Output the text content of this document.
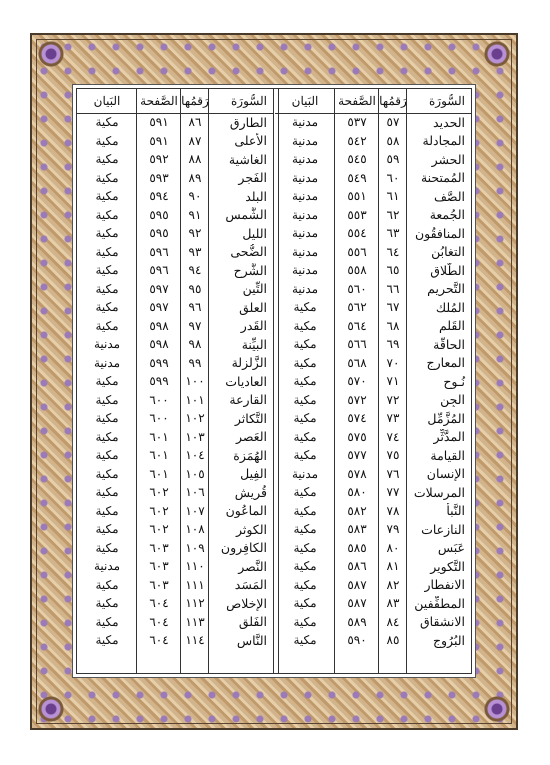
السُّورَة
رَقمُها
الصَّفحة
البَيان
الحديد
٥٧
٥٣٧
مدنية
المجادلة
٥٨
٥٤٢
مدنية
الحشر
٥٩
٥٤٥
مدنية
المُمتحنة
٦٠
٥٤٩
مدنية
الصَّف
٦١
٥٥١
مدنية
الجُمعة
٦٢
٥٥٣
مدنية
المنافقُون
٦٣
٥٥٤
مدنية
التغابُن
٦٤
٥٥٦
مدنية
الطَّلاق
٦٥
٥٥٨
مدنية
التَّحريم
٦٦
٥٦٠
مدنية
المُلك
٦٧
٥٦٢
مكية
القَلم
٦٨
٥٦٤
مكية
الحاقَّة
٦٩
٥٦٦
مكية
المعارج
٧٠
٥٦٨
مكية
نُـوح
٧١
٥٧٠
مكية
الجِن
٧٢
٥٧٢
مكية
المُزَّمِّل
٧٣
٥٧٤
مكية
المدَّثِّر
٧٤
٥٧٥
مكية
القيامة
٧٥
٥٧٧
مكية
الإنسان
٧٦
٥٧٨
مدنية
المرسلات
٧٧
٥٨٠
مكية
النَّبأ
٧٨
٥٨٢
مكية
النازعات
٧٩
٥٨٣
مكية
عَبَس
٨٠
٥٨٥
مكية
التَّكوير
٨١
٥٨٦
مكية
الانفطار
٨٢
٥٨٧
مكية
المطفِّفين
٨٣
٥٨٧
مكية
الانشقاق
٨٤
٥٨٩
مكية
البُرُوج
٨٥
٥٩٠
مكية
السُّورَة
رَقمُها
الصَّفحة
البَيان
الطارق
٨٦
٥٩١
مكية
الأعلى
٨٧
٥٩١
مكية
الغاشية
٨٨
٥٩٢
مكية
الفَجر
٨٩
٥٩٣
مكية
البلد
٩٠
٥٩٤
مكية
الشَّمس
٩١
٥٩٥
مكية
الليل
٩٢
٥٩٥
مكية
الضُّحى
٩٣
٥٩٦
مكية
الشَّرح
٩٤
٥٩٦
مكية
التِّين
٩٥
٥٩٧
مكية
العلق
٩٦
٥٩٧
مكية
القَدر
٩٧
٥٩٨
مكية
البيِّنة
٩٨
٥٩٨
مدنية
الزَّلزلة
٩٩
٥٩٩
مدنية
العاديات
١٠٠
٥٩٩
مكية
القارعة
١٠١
٦٠٠
مكية
التَّكاثر
١٠٢
٦٠٠
مكية
العَصر
١٠٣
٦٠١
مكية
الهُمَزة
١٠٤
٦٠١
مكية
الفِيل
١٠٥
٦٠١
مكية
قُريش
١٠٦
٦٠٢
مكية
الماعُون
١٠٧
٦٠٢
مكية
الكوثر
١٠٨
٦٠٢
مكية
الكافِرون
١٠٩
٦٠٣
مكية
النَّصر
١١٠
٦٠٣
مدنية
المَسَد
١١١
٦٠٣
مكية
الإخلاص
١١٢
٦٠٤
مكية
الفَلق
١١٣
٦٠٤
مكية
النَّاس
١١٤
٦٠٤
مكية
